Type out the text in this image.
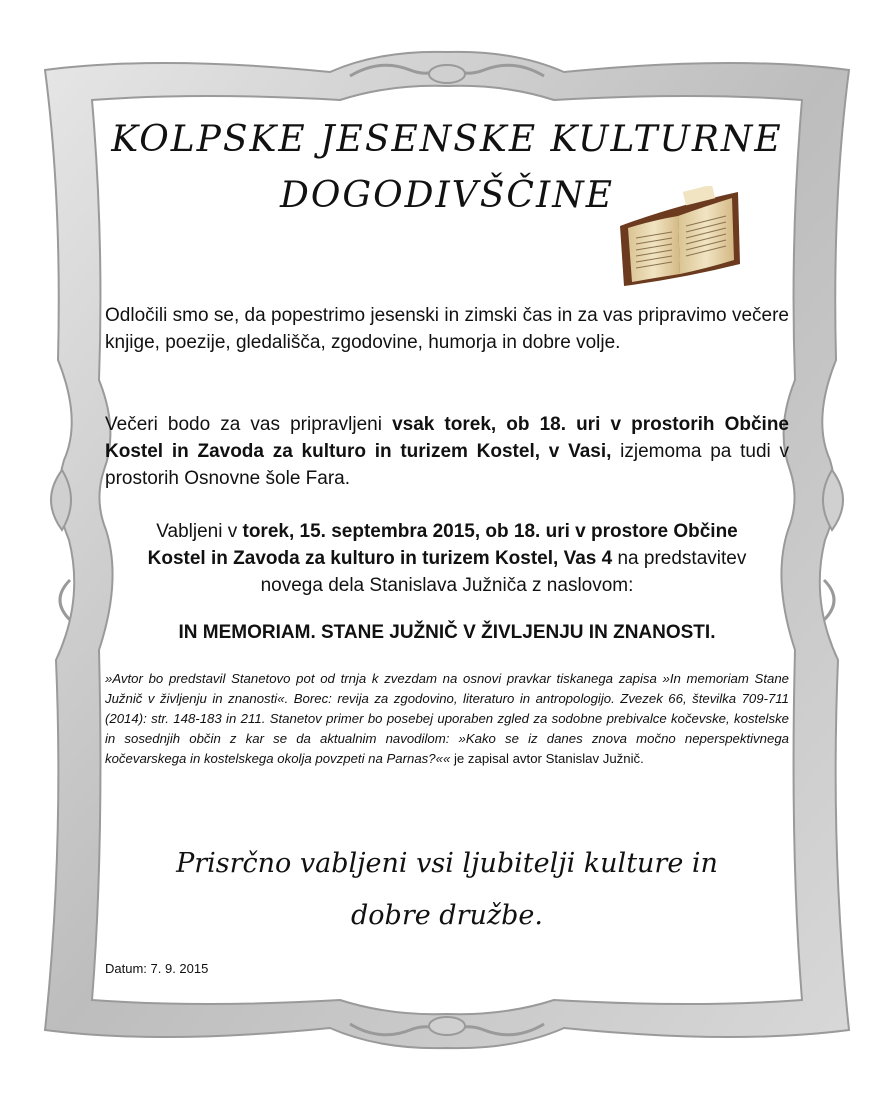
KOLPSKE JESENSKE KULTURNE
DOGODIVŠČINE
Odločili smo se, da popestrimo jesenski in zimski čas in za vas pripravimo večere knjige, poezije, gledališča, zgodovine, humorja in dobre volje.
Večeri bodo za vas pripravljeni vsak torek, ob 18. uri v prostorih Občine Kostel in Zavoda za kulturo in turizem Kostel, v Vasi, izjemoma pa tudi v prostorih Osnovne šole Fara.
Vabljeni v torek, 15. septembra 2015, ob 18. uri v prostore Občine Kostel in Zavoda za kulturo in turizem Kostel, Vas 4 na predstavitev novega dela Stanislava Južniča z naslovom:
IN MEMORIAM. STANE JUŽNIČ V ŽIVLJENJU IN ZNANOSTI.
»Avtor bo predstavil Stanetovo pot od trnja k zvezdam na osnovi pravkar tiskanega zapisa »In memoriam Stane Južnič v življenju in znanosti«. Borec: revija za zgodovino, literaturo in antropologijo. Zvezek 66, številka 709-711 (2014): str. 148-183 in 211. Stanetov primer bo posebej uporaben zgled za sodobne prebivalce kočevske, kostelske in sosednjih občin z kar se da aktualnim navodilom: »Kako se iz danes znova močno neperspektivnega kočevarskega in kostelskega okolja povzpeti na Parnas?«« je zapisal avtor Stanislav Južnič.
Prisrčno vabljeni vsi ljubitelji kulture in
dobre družbe.
Datum: 7. 9. 2015
